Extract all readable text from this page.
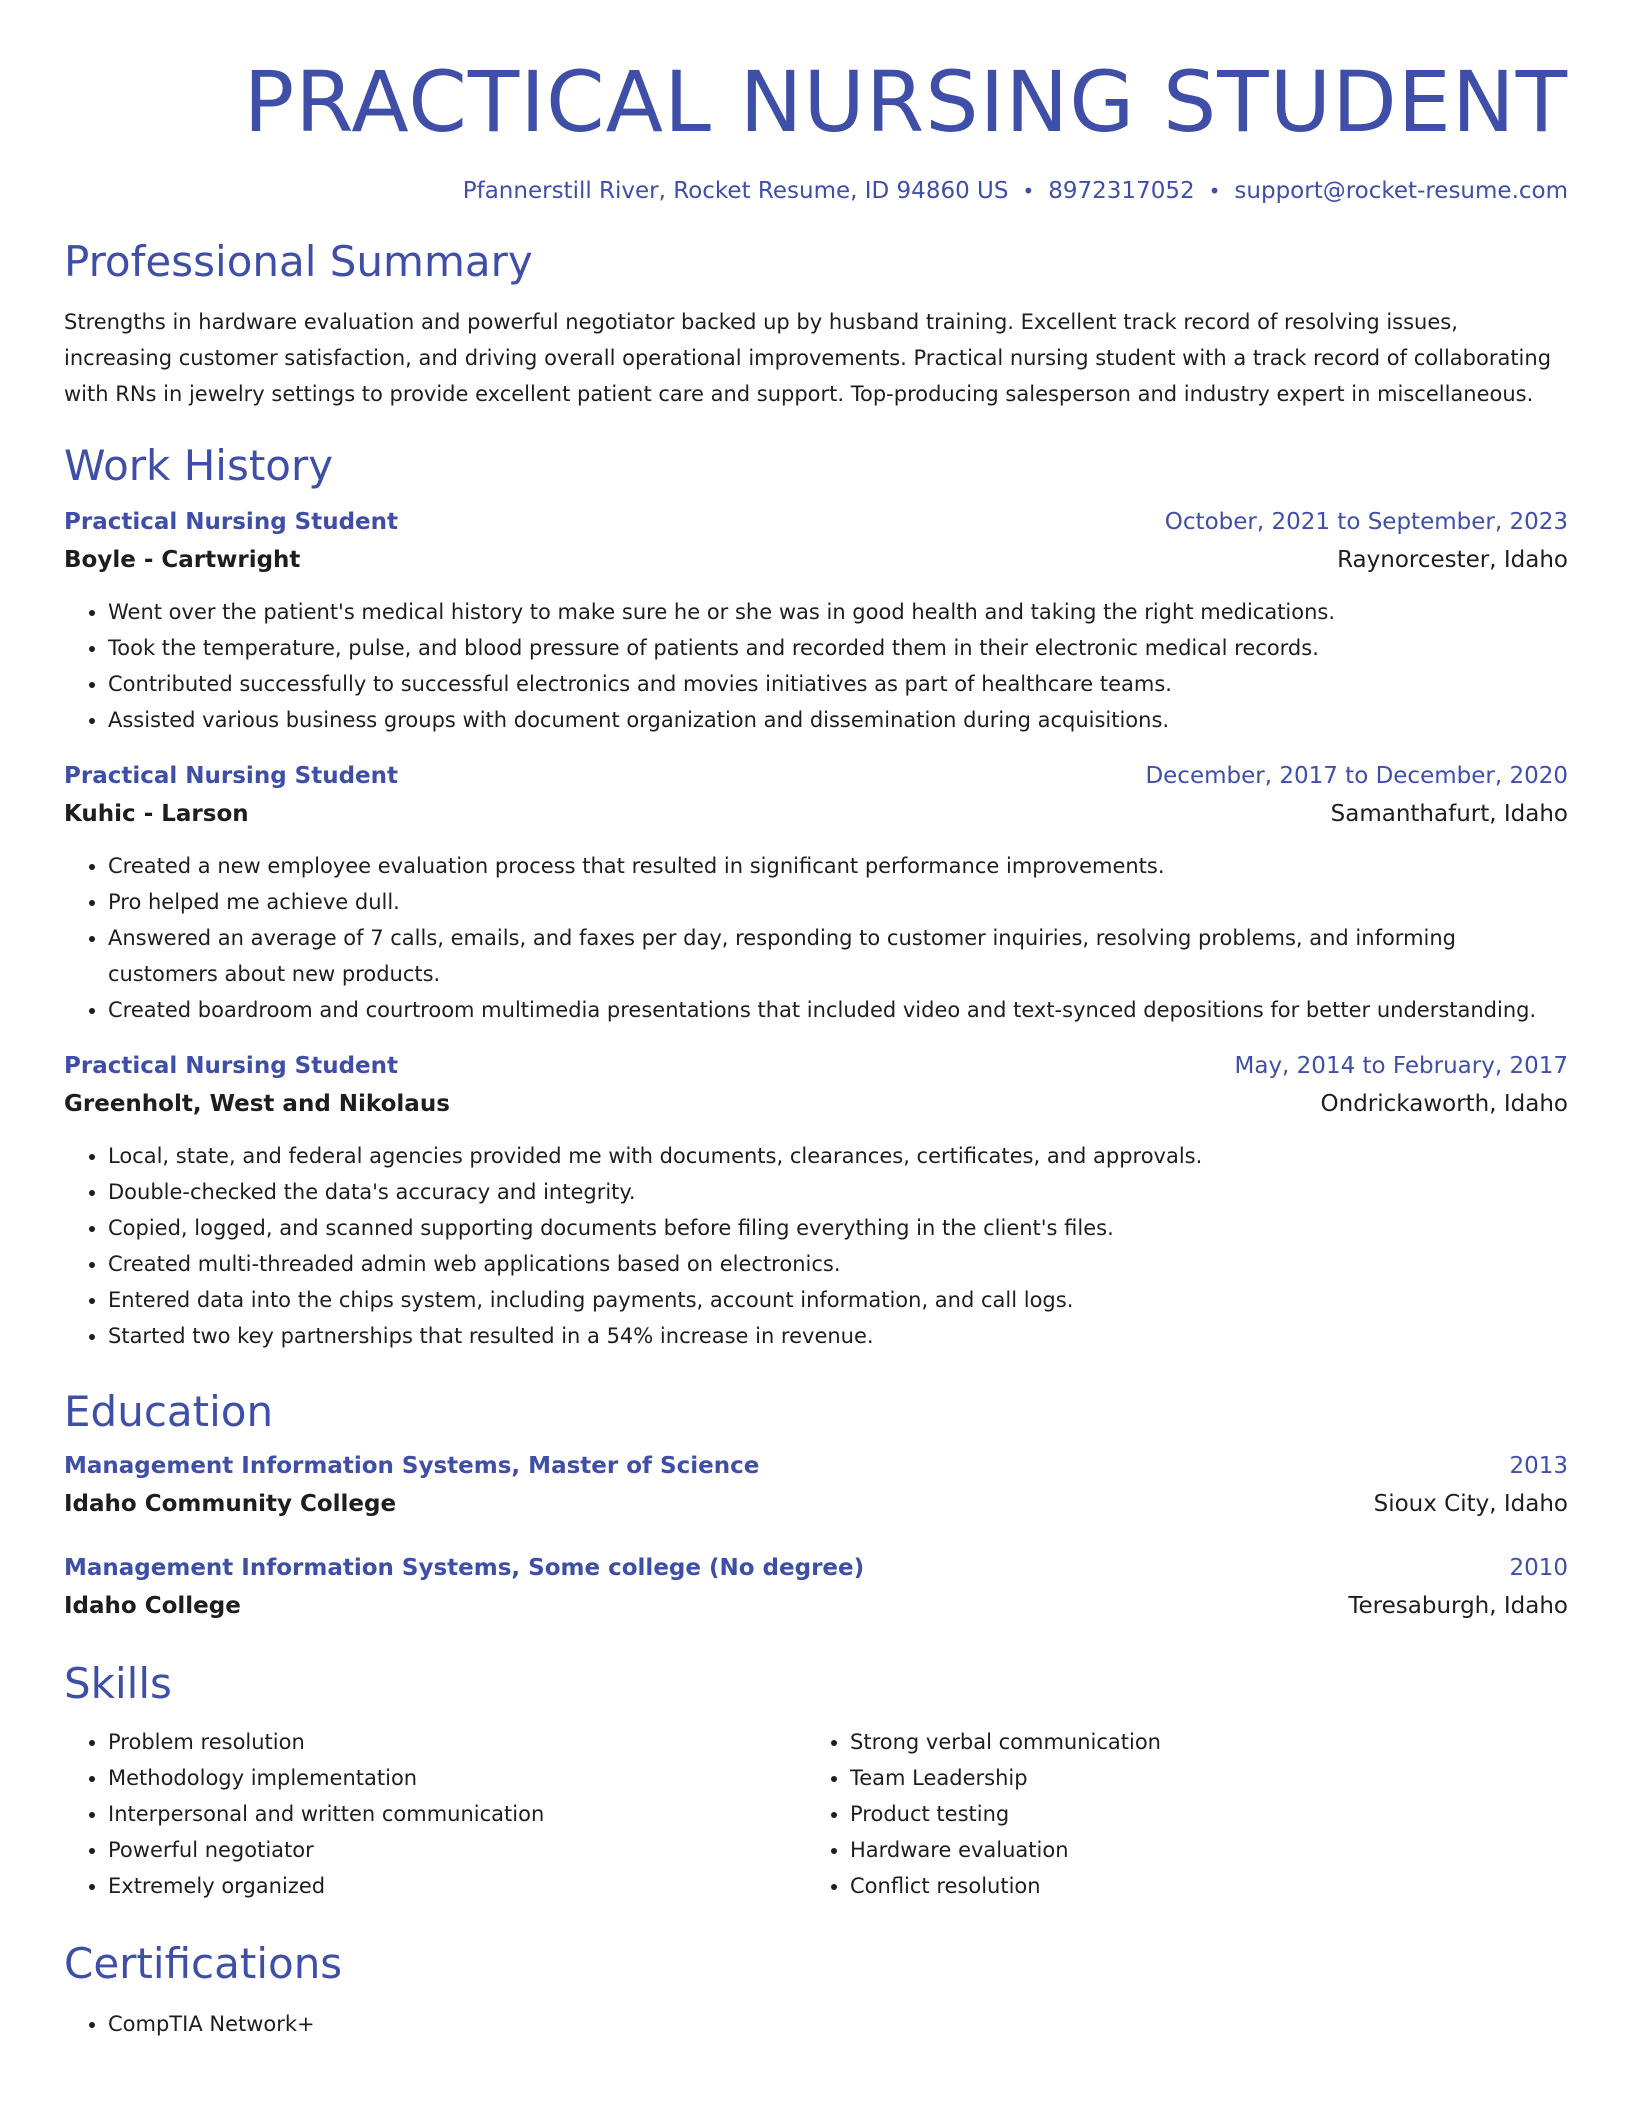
PRACTICAL NURSING STUDENT
Pfannerstill River, Rocket Resume, ID 94860 US • 8972317052 • support@rocket-resume.com
Professional Summary
Strengths in hardware evaluation and powerful negotiator backed up by husband training. Excellent track record of resolving issues, increasing customer satisfaction, and driving overall operational improvements. Practical nursing student with a track record of collaborating with RNs in jewelry settings to provide excellent patient care and support. Top-producing salesperson and industry expert in miscellaneous.
Work History
Practical Nursing Student	October, 2021 to September, 2023
Boyle - Cartwright	Raynorcester, Idaho
• Went over the patient's medical history to make sure he or she was in good health and taking the right medications.
• Took the temperature, pulse, and blood pressure of patients and recorded them in their electronic medical records.
• Contributed successfully to successful electronics and movies initiatives as part of healthcare teams.
• Assisted various business groups with document organization and dissemination during acquisitions.
Practical Nursing Student	December, 2017 to December, 2020
Kuhic - Larson	Samanthafurt, Idaho
• Created a new employee evaluation process that resulted in significant performance improvements.
• Pro helped me achieve dull.
• Answered an average of 7 calls, emails, and faxes per day, responding to customer inquiries, resolving problems, and informing customers about new products.
• Created boardroom and courtroom multimedia presentations that included video and text-synced depositions for better understanding.
Practical Nursing Student	May, 2014 to February, 2017
Greenholt, West and Nikolaus	Ondrickaworth, Idaho
• Local, state, and federal agencies provided me with documents, clearances, certificates, and approvals.
• Double-checked the data's accuracy and integrity.
• Copied, logged, and scanned supporting documents before filing everything in the client's files.
• Created multi-threaded admin web applications based on electronics.
• Entered data into the chips system, including payments, account information, and call logs.
• Started two key partnerships that resulted in a 54% increase in revenue.
Education
Management Information Systems, Master of Science	2013
Idaho Community College	Sioux City, Idaho
Management Information Systems, Some college (No degree)	2010
Idaho College	Teresaburgh, Idaho
Skills
• Problem resolution
• Methodology implementation
• Interpersonal and written communication
• Powerful negotiator
• Extremely organized
• Strong verbal communication
• Team Leadership
• Product testing
• Hardware evaluation
• Conflict resolution
Certifications
• CompTIA Network+
